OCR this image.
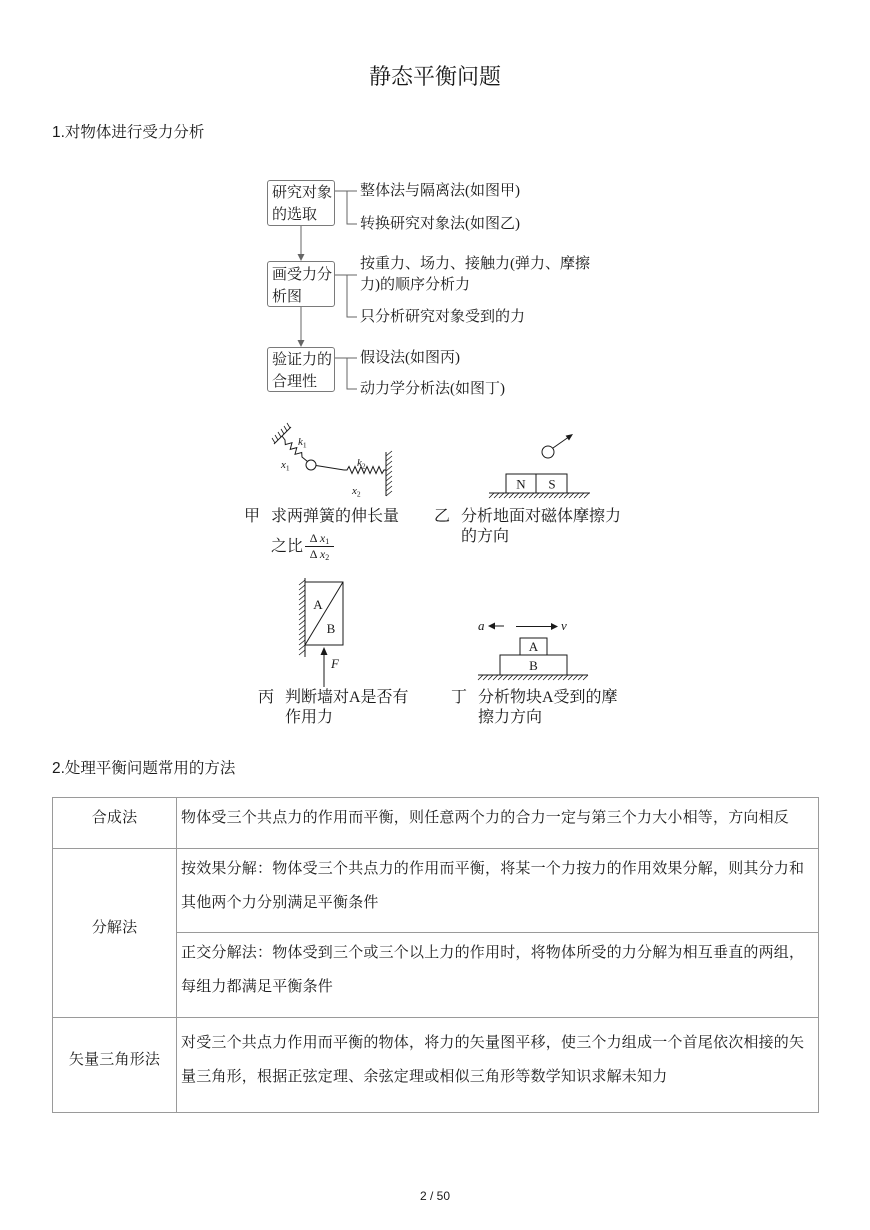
静态平衡问题
1.对物体进行受力分析
研究对象
的选取
画受力分
析图
验证力的
合理性
整体法与隔离法(如图甲)
转换研究对象法(如图乙)
按重力、场力、接触力(弹力、摩擦
力)的顺序分析力
只分析研究对象受到的力
假设法(如图丙)
动力学分析法(如图丁)
$k_1$
$x_1$	$k_2$
$x_2$
甲 求两弹簧的伸长量
之比 Δ $x_1$
Δ $x_2$
N S
乙 分析地面对磁体摩擦力
的方向
A
B
F
丙 判断墙对A是否有
作用力
a	v
A
B
丁 分析物块A受到的摩
擦力方向
2.处理平衡问题常用的方法
合成法	物体受三个共点力的作用而平衡，则任意两个力的合力一定与第三个力大小相等，方向相反

分解法	按效果分解：物体受三个共点力的作用而平衡，将某一个力按力的作用效果分解，则其分力和
其他两个力分别满足平衡条件

	正交分解法：物体受到三个或三个以上力的作用时，将物体所受的力分解为相互垂直的两组，
每组力都满足平衡条件

矢量三角形法	对受三个共点力作用而平衡的物体，将力的矢量图平移，使三个力组成一个首尾依次相接的矢
量三角形，根据正弦定理、余弦定理或相似三角形等数学知识求解未知力
2 / 50
